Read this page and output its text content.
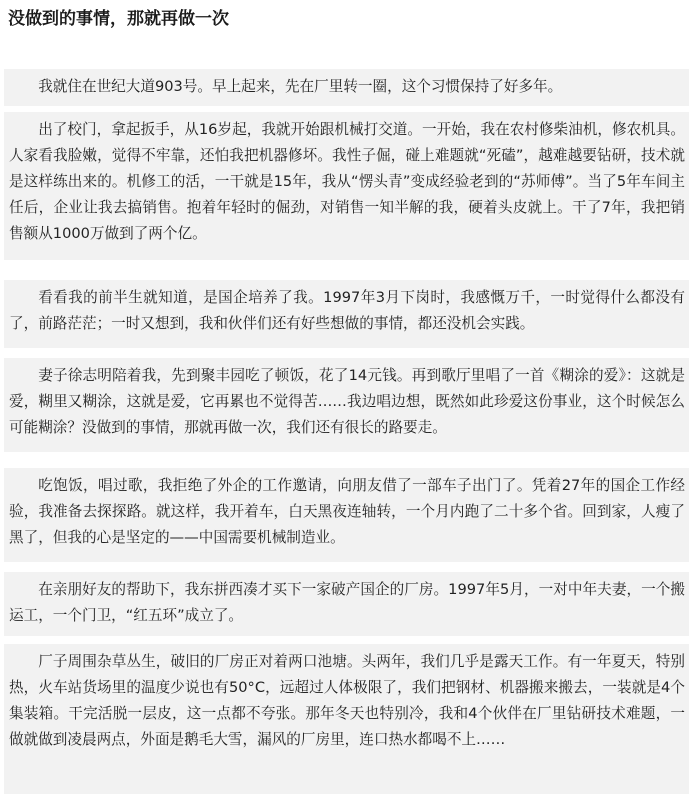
没做到的事情，那就再做一次

我就住在世纪大道903号。早上起来，先在厂里转一圈，这个习惯保持了好多年。

出了校门，拿起扳手，从16岁起，我就开始跟机械打交道。一开始，我在农村修柴油机，修农机具。人家看我脸嫩，觉得不牢靠，还怕我把机器修坏。我性子倔，碰上难题就“死磕”，越难越要钻研，技术就是这样练出来的。机修工的活，一干就是15年，我从“愣头青”变成经验老到的“苏师傅”。当了5年车间主任后，企业让我去搞销售。抱着年轻时的倔劲，对销售一知半解的我，硬着头皮就上。干了7年，我把销售额从1000万做到了两个亿。

看看我的前半生就知道，是国企培养了我。1997年3月下岗时，我感慨万千，一时觉得什么都没有了，前路茫茫；一时又想到，我和伙伴们还有好些想做的事情，都还没机会实践。

妻子徐志明陪着我，先到聚丰园吃了顿饭，花了14元钱。再到歌厅里唱了一首《糊涂的爱》：这就是爱，糊里又糊涂，这就是爱，它再累也不觉得苦……我边唱边想，既然如此珍爱这份事业，这个时候怎么可能糊涂？没做到的事情，那就再做一次，我们还有很长的路要走。

吃饱饭，唱过歌，我拒绝了外企的工作邀请，向朋友借了一部车子出门了。凭着27年的国企工作经验，我准备去探探路。就这样，我开着车，白天黑夜连轴转，一个月内跑了二十多个省。回到家，人瘦了黑了，但我的心是坚定的——中国需要机械制造业。

在亲朋好友的帮助下，我东拼西凑才买下一家破产国企的厂房。1997年5月，一对中年夫妻，一个搬运工，一个门卫，“红五环”成立了。

厂子周围杂草丛生，破旧的厂房正对着两口池塘。头两年，我们几乎是露天工作。有一年夏天，特别热，火车站货场里的温度少说也有50°C，远超过人体极限了，我们把钢材、机器搬来搬去，一装就是4个集装箱。干完活脱一层皮，这一点都不夸张。那年冬天也特别冷，我和4个伙伴在厂里钻研技术难题，一做就做到凌晨两点，外面是鹅毛大雪，漏风的厂房里，连口热水都喝不上……
